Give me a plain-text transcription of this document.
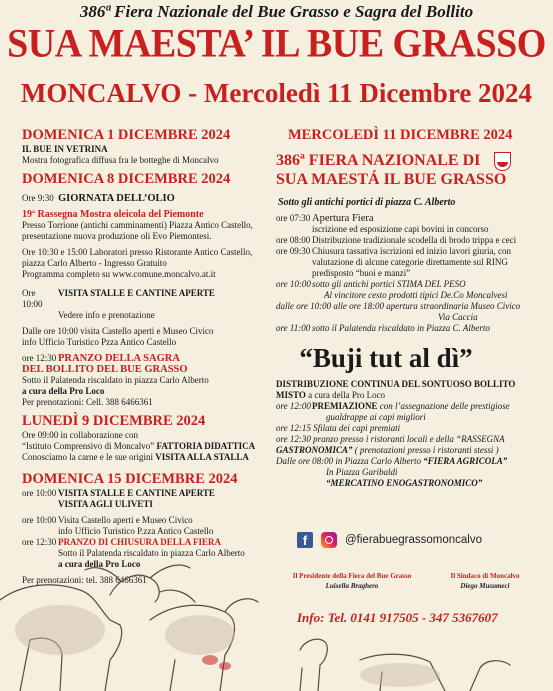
386ª Fiera Nazionale del Bue Grasso e Sagra del Bollito
SUA MAESTA’ IL BUE GRASSO
MONCALVO - Mercoledì 11 Dicembre 2024
DOMENICA 1 DICEMBRE 2024
IL BUE IN VETRINA
Mostra fotografica diffusa fra le botteghe di Moncalvo
DOMENICA 8 DICEMBRE 2024
Ore 9:30 GIORNATA DELL’OLIO
19ª Rassegna Mostra oleicola del Piemonte
Presso Torrione (antichi camminamenti) Piazza Antico Castello,
presentazione nuova produzione oli Evo Piemontesi.
Ore 10:30 e 15:00 Laboratori presso Ristorante Antico Castello,
piazza Carlo Alberto - Ingresso Gratuito
Programma completo su www.comune.moncalvo.at.it
Ore 10:00
VISITA STALLE E CANTINE APERTE
Vedere info e prenotazione
Dalle ore 10:00 visita Castello aperti e Museo Civico
info Ufficio Turistico Pzza Antico Castello
ore 12:30 PRANZO DELLA SAGRA
DEL BOLLITO DEL BUE GRASSO
Sotto il Palatenda riscaldato in piazza Carlo Alberto
a cura della Pro Loco
Per prenotazioni: Cell. 388 6466361
LUNEDÌ 9 DICEMBRE 2024
Ore 09:00 in collaborazione con
“Istituto Comprensivo di Moncalvo” FATTORIA DIDATTICA
Conosciamo la carne e le sue origini VISITA ALLA STALLA
DOMENICA 15 DICEMBRE 2024
ore 10:00 VISITA STALLE E CANTINE APERTE
VISITA AGLI ULIVETI
ore 10:00 Visita Castello aperti e Museo Civico
info Ufficio Turistico P.zza Antico Castello
ore 12:30 PRANZO DI CHIUSURA DELLA FIERA
Sotto il Palatenda riscaldato in piazza Carlo Alberto
a cura della Pro Loco
Per prenotazioni: tel. 388 6466361
MERCOLEDÌ 11 DICEMBRE 2024
386ª FIERA NAZIONALE DI
SUA MAESTÁ IL BUE GRASSO
Sotto gli antichi portici di piazza C. Alberto
ore 07:30 Apertura Fiera
iscrizione ed esposizione capi bovini in concorso
ore 08:00 Distribuzione tradizionale scodella di brodo trippa e ceci
ore 09:30 Chiusura tassativa iscrizioni ed inizio lavori giuria, con
valutazione di alcune categorie direttamente sul RING
predisposto “buoi e manzi”
ore 10:00 sotto gli antichi portici STIMA DEL PESO
Al vincitore cesto prodotti tipici De.Co Moncalvesi
dalle ore 10:00 alle ore 18:00 apertura straordinaria Museo Civico
Via Caccia
ore 11:00 sotto il Palatenda riscaldato in Piazza C. Alberto
“Buji tut al dì”
DISTRIBUZIONE CONTINUA DEL SONTUOSO BOLLITO
MISTO a cura della Pro Loco
ore 12:00 PREMIAZIONE con l’assegnazione delle prestigiose
gualdrappe ai capi migliori
ore 12:15 Sfilata dei capi premiati
ore 12:30 pranzo presso i ristoranti locali e della “RASSEGNA
GASTRONOMICA” ( prenotazioni presso i ristoranti stessi )
Dalle ore 08:00 in Piazza Carlo Alberto “FIERA AGRICOLA”
In Piazza Garibaldi
“MERCATINO ENOGASTRONOMICO”
f	@fierabuegrassomoncalvo
Il Presidente della Fiera del Bue Grasso
Luisella Braghero
Il Sindaco di Moncalvo
Diego Musumeci
Info: Tel. 0141 917505 - 347 5367607
